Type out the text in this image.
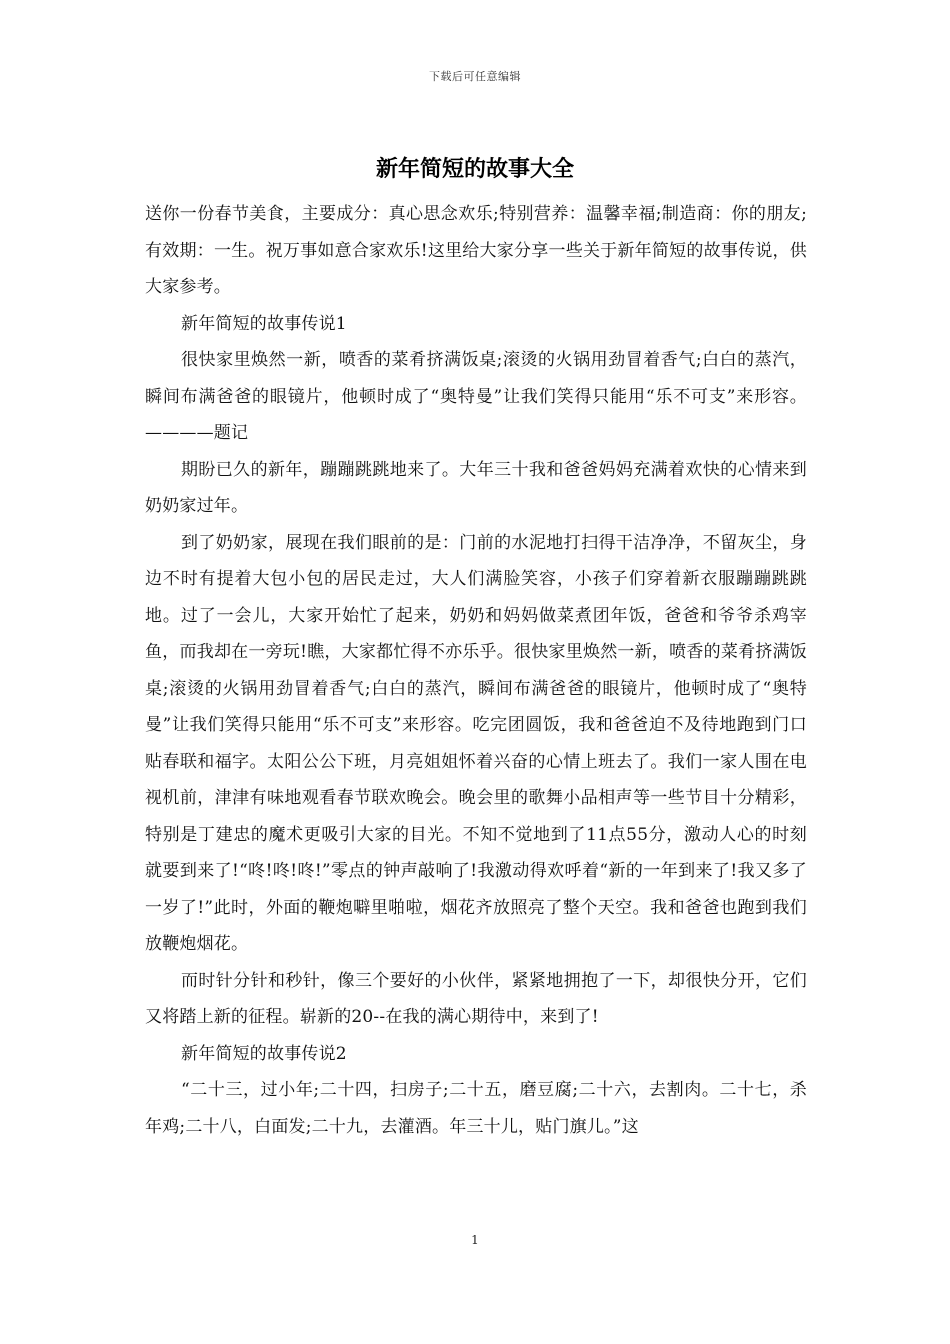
下载后可任意编辑
新年简短的故事大全

送你一份春节美食，主要成分：真心思念欢乐;特别营养：温馨幸福;制造商：你的朋友;有效期：一生。祝万事如意合家欢乐!这里给大家分享一些关于新年简短的故事传说，供大家参考。

新年简短的故事传说1

很快家里焕然一新，喷香的菜肴挤满饭桌;滚烫的火锅用劲冒着香气;白白的蒸汽，瞬间布满爸爸的眼镜片，他顿时成了“奥特曼”让我们笑得只能用“乐不可支”来形容。————题记

期盼已久的新年，蹦蹦跳跳地来了。大年三十我和爸爸妈妈充满着欢快的心情来到奶奶家过年。

到了奶奶家，展现在我们眼前的是：门前的水泥地打扫得干洁净净，不留灰尘，身边不时有提着大包小包的居民走过，大人们满脸笑容，小孩子们穿着新衣服蹦蹦跳跳地。过了一会儿，大家开始忙了起来，奶奶和妈妈做菜煮团年饭，爸爸和爷爷杀鸡宰鱼，而我却在一旁玩!瞧，大家都忙得不亦乐乎。很快家里焕然一新，喷香的菜肴挤满饭桌;滚烫的火锅用劲冒着香气;白白的蒸汽，瞬间布满爸爸的眼镜片，他顿时成了“奥特曼”让我们笑得只能用“乐不可支”来形容。吃完团圆饭，我和爸爸迫不及待地跑到门口贴春联和福字。太阳公公下班，月亮姐姐怀着兴奋的心情上班去了。我们一家人围在电视机前，津津有味地观看春节联欢晚会。晚会里的歌舞小品相声等一些节目十分精彩，特别是丁建忠的魔术更吸引大家的目光。不知不觉地到了11点55分，激动人心的时刻就要到来了!“咚!咚!咚!”零点的钟声敲响了!我激动得欢呼着“新的一年到来了!我又多了一岁了!”此时，外面的鞭炮噼里啪啦，烟花齐放照亮了整个天空。我和爸爸也跑到我们放鞭炮烟花。

而时针分针和秒针，像三个要好的小伙伴，紧紧地拥抱了一下，却很快分开，它们又将踏上新的征程。崭新的20--在我的满心期待中，来到了!

新年简短的故事传说2

“二十三，过小年;二十四，扫房子;二十五，磨豆腐;二十六，去割肉。二十七，杀年鸡;二十八，白面发;二十九，去灌酒。年三十儿，贴门旗儿。”这

1
